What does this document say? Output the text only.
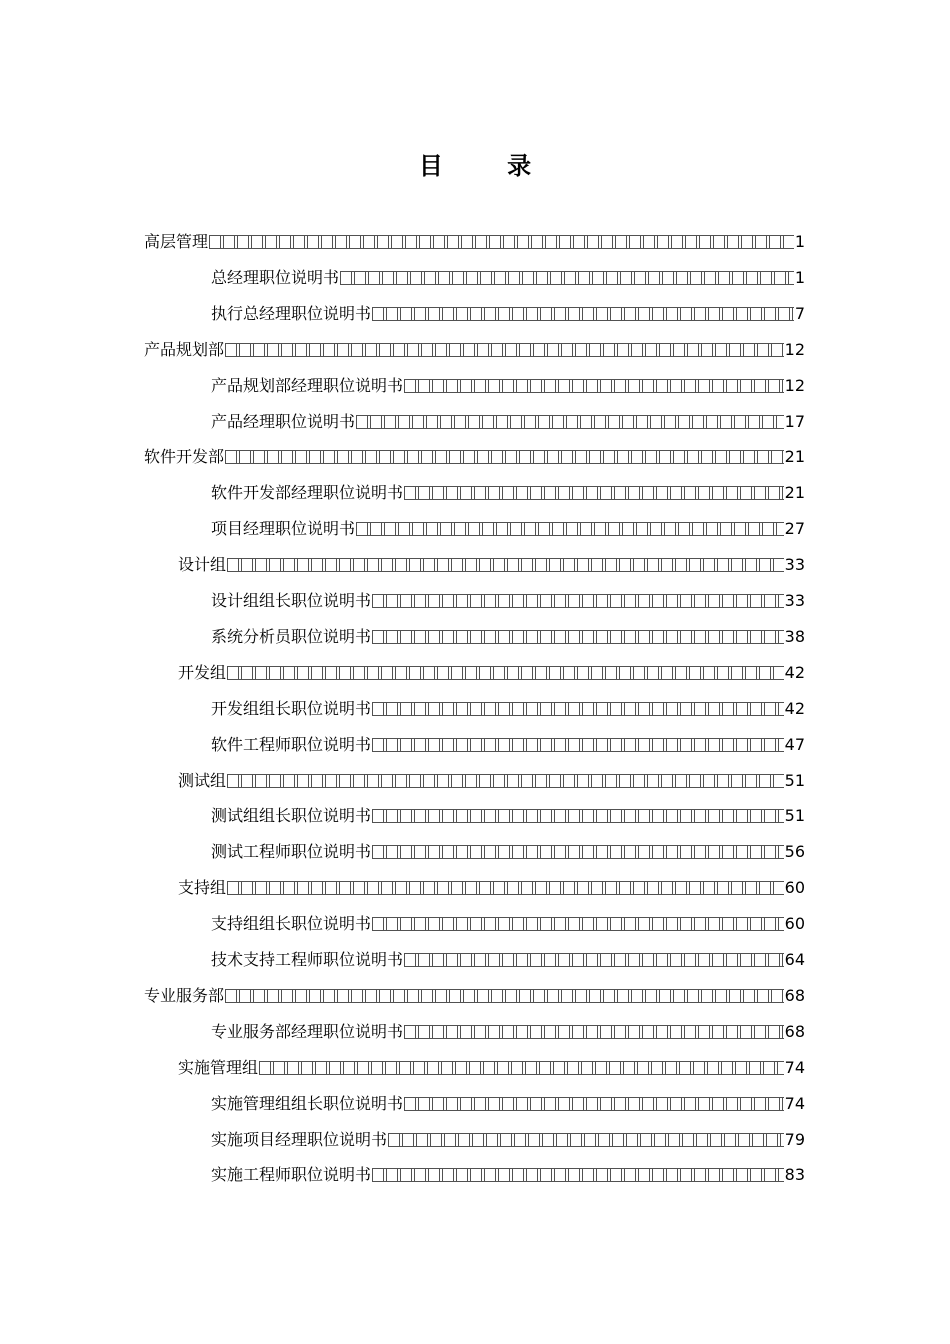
目 录
高层管理	1
总经理职位说明书	1
执行总经理职位说明书	7
产品规划部	12
产品规划部经理职位说明书	12
产品经理职位说明书	17
软件开发部	21
软件开发部经理职位说明书	21
项目经理职位说明书	27
设计组	33
设计组组长职位说明书	33
系统分析员职位说明书	38
开发组	42
开发组组长职位说明书	42
软件工程师职位说明书	47
测试组	51
测试组组长职位说明书	51
测试工程师职位说明书	56
支持组	60
支持组组长职位说明书	60
技术支持工程师职位说明书	64
专业服务部	68
专业服务部经理职位说明书	68
实施管理组	74
实施管理组组长职位说明书	74
实施项目经理职位说明书	79
实施工程师职位说明书	83
